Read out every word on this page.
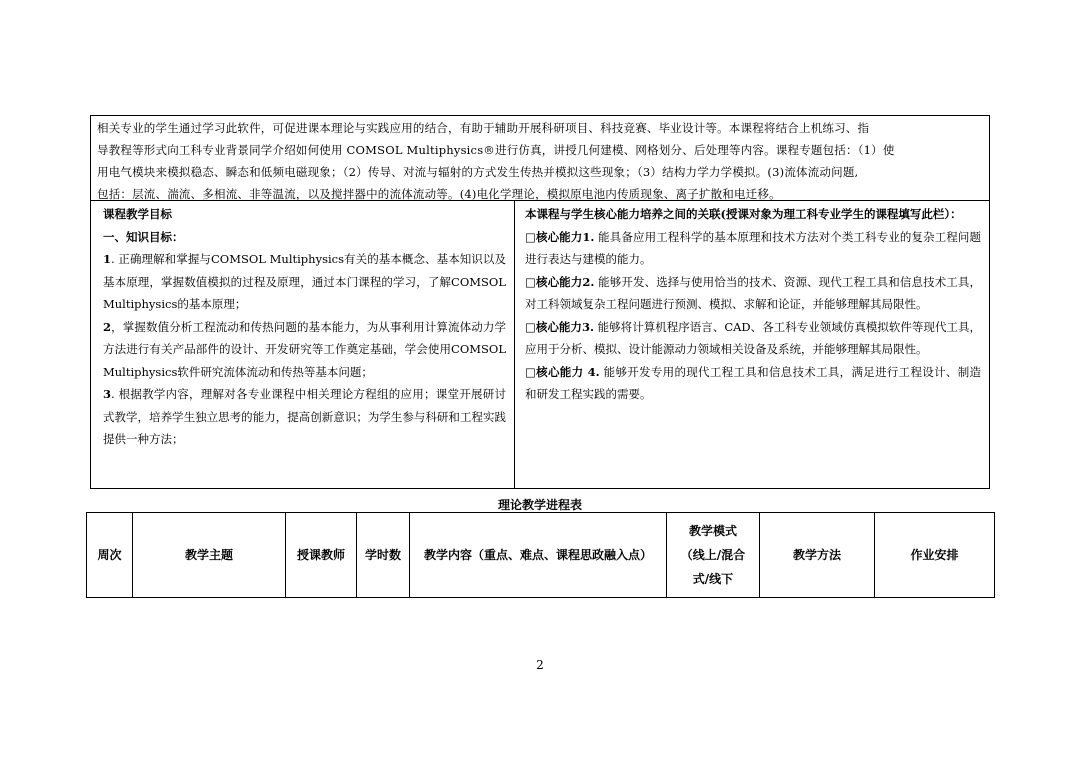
相关专业的学生通过学习此软件，可促进课本理论与实践应用的结合，有助于辅助开展科研项目、科技竞赛、毕业设计等。本课程将结合上机练习、指

导教程等形式向工科专业背景同学介绍如何使用 COMSOL Multiphysics®进行仿真，讲授几何建模、网格划分、后处理等内容。课程专题包括：（1）使

用电气模块来模拟稳态、瞬态和低频电磁现象；（2）传导、对流与辐射的方式发生传热并模拟这些现象；（3）结构力学力学模拟。(3)流体流动问题,

包括：层流、湍流、多相流、非等温流，以及搅拌器中的流体流动等。(4)电化学理论，模拟原电池内传质现象、离子扩散和电迁移。

课程教学目标

一、知识目标：

1. 正确理解和掌握与COMSOL Multiphysics有关的基本概念、基本知识以及基本原理，掌握数值模拟的过程及原理，通过本门课程的学习，了解COMSOL Multiphysics的基本原理；

2，掌握数值分析工程流动和传热问题的基本能力，为从事利用计算流体动力学方法进行有关产品部件的设计、开发研究等工作奠定基础，学会使用COMSOL Multiphysics软件研究流体流动和传热等基本问题；

3. 根据教学内容，理解对各专业课程中相关理论方程组的应用；课堂开展研讨式教学，培养学生独立思考的能力，提高创新意识；为学生参与科研和工程实践提供一种方法；

本课程与学生核心能力培养之间的关联(授课对象为理工科专业学生的课程填写此栏）：

□核心能力1. 能具备应用工程科学的基本原理和技术方法对个类工科专业的复杂工程问题进行表达与建模的能力。

□核心能力2. 能够开发、选择与使用恰当的技术、资源、现代工程工具和信息技术工具，对工科领域复杂工程问题进行预测、模拟、求解和论证，并能够理解其局限性。

□核心能力3. 能够将计算机程序语言、CAD、各工科专业领域仿真模拟软件等现代工具，应用于分析、模拟、设计能源动力领域相关设备及系统，并能够理解其局限性。

□核心能力 4. 能够开发专用的现代工程工具和信息技术工具，满足进行工程设计、制造和研发工程实践的需要。

理论教学进程表
周次	教学主题	授课教师	学时数	教学内容（重点、难点、课程思政融入点）	
教学模式
（线上/混合
式/线下
	教学方法	作业安排
2
